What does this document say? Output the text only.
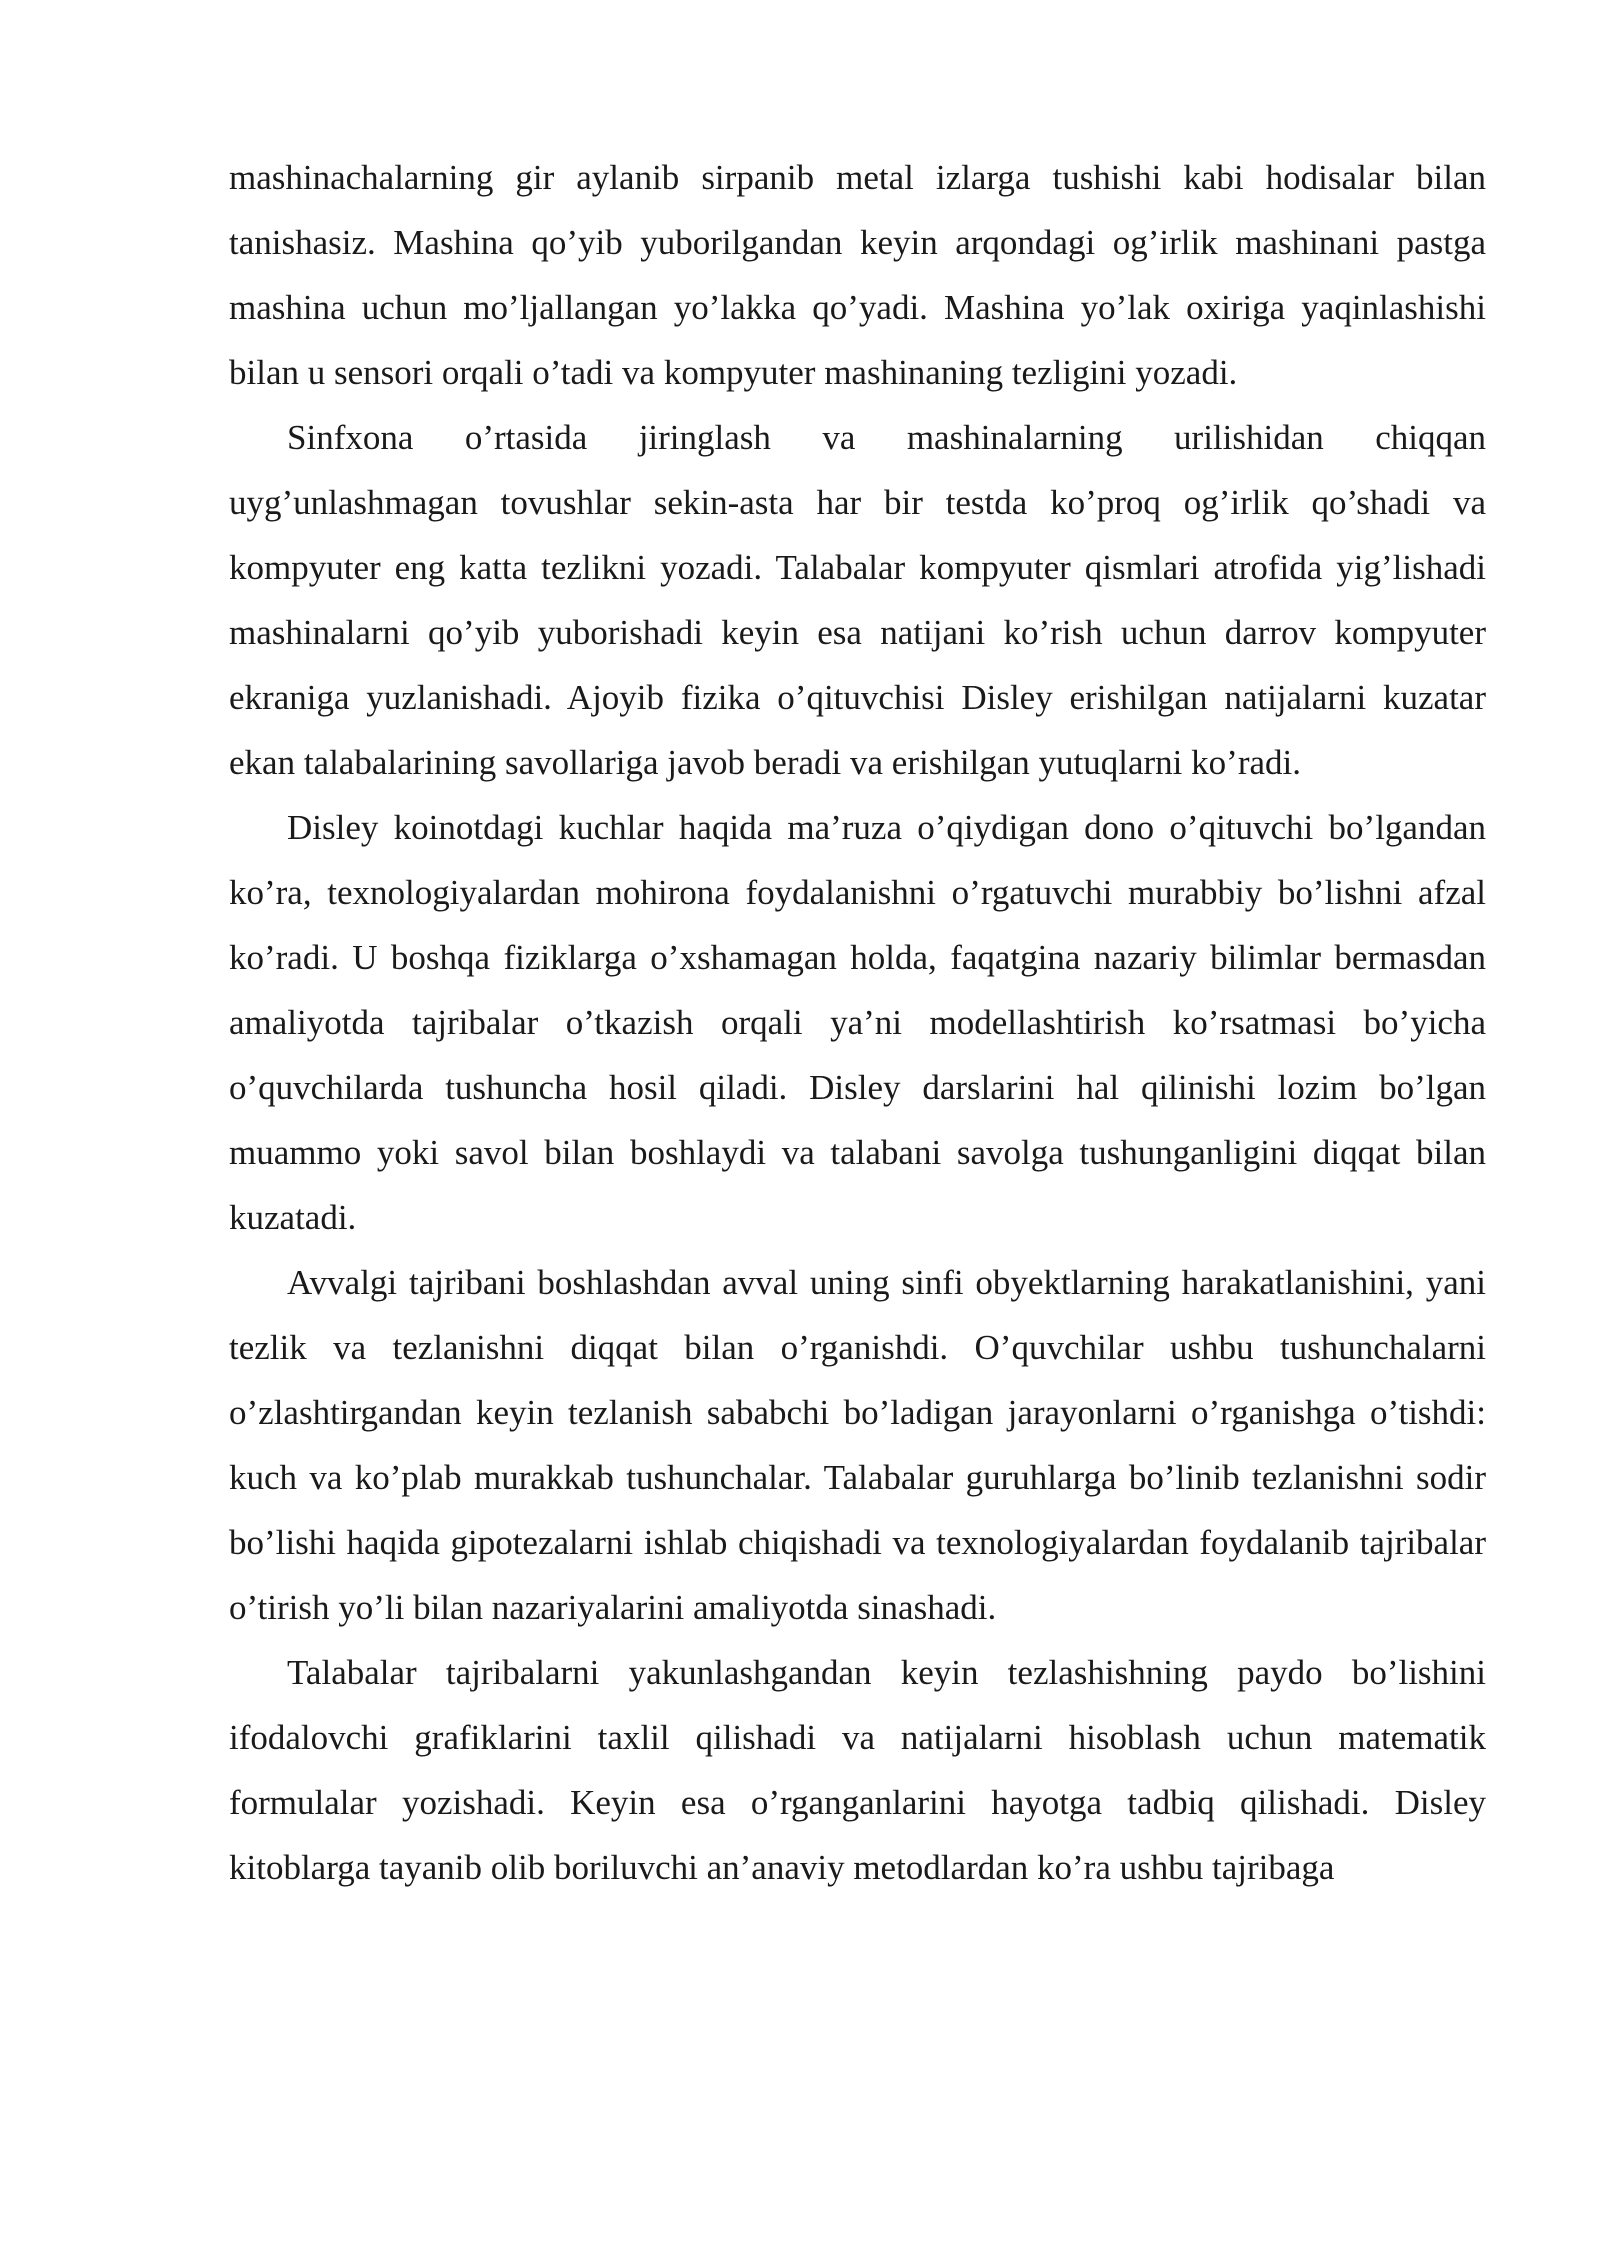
mashinachalarning gir aylanib sirpanib metal izlarga tushishi kabi hodisalar bilan tanishasiz. Mashina qo’yib yuborilgandan keyin arqondagi og’irlik mashinani pastga mashina uchun mo’ljallangan yo’lakka qo’yadi. Mashina yo’lak oxiriga yaqinlashishi bilan u sensori orqali o’tadi va kompyuter mashinaning tezligini yozadi.

Sinfxona o’rtasida jiringlash va mashinalarning urilishidan chiqqan uyg’unlashmagan tovushlar sekin-asta har bir testda ko’proq og’irlik qo’shadi va kompyuter eng katta tezlikni yozadi. Talabalar kompyuter qismlari atrofida yig’lishadi mashinalarni qo’yib yuborishadi keyin esa natijani ko’rish uchun darrov kompyuter ekraniga yuzlanishadi. Ajoyib fizika o’qituvchisi Disley erishilgan natijalarni kuzatar ekan talabalarining savollariga javob beradi va erishilgan yutuqlarni ko’radi.

Disley koinotdagi kuchlar haqida ma’ruza o’qiydigan dono o’qituvchi bo’lgandan ko’ra, texnologiyalardan mohirona foydalanishni o’rgatuvchi murabbiy bo’lishni afzal ko’radi. U boshqa fiziklarga o’xshamagan holda, faqatgina nazariy bilimlar bermasdan amaliyotda tajribalar o’tkazish orqali ya’ni modellashtirish ko’rsatmasi bo’yicha o’quvchilarda tushuncha hosil qiladi. Disley darslarini hal qilinishi lozim bo’lgan muammo yoki savol bilan boshlaydi va talabani savolga tushunganligini diqqat bilan kuzatadi.

Avvalgi tajribani boshlashdan avval uning sinfi obyektlarning harakatlanishini, yani tezlik va tezlanishni diqqat bilan o’rganishdi. O’quvchilar ushbu tushunchalarni o’zlashtirgandan keyin tezlanish sababchi bo’ladigan jarayonlarni o’rganishga o’tishdi: kuch va ko’plab murakkab tushunchalar. Talabalar guruhlarga bo’linib tezlanishni sodir bo’lishi haqida gipotezalarni ishlab chiqishadi va texnologiyalardan foydalanib tajribalar o’tirish yo’li bilan nazariyalarini amaliyotda sinashadi.

Talabalar tajribalarni yakunlashgandan keyin tezlashishning paydo bo’lishini ifodalovchi grafiklarini taxlil qilishadi va natijalarni hisoblash uchun matematik formulalar yozishadi. Keyin esa o’rganganlarini hayotga tadbiq qilishadi. Disley kitoblarga tayanib olib boriluvchi an’anaviy metodlardan ko’ra ushbu tajribaga
